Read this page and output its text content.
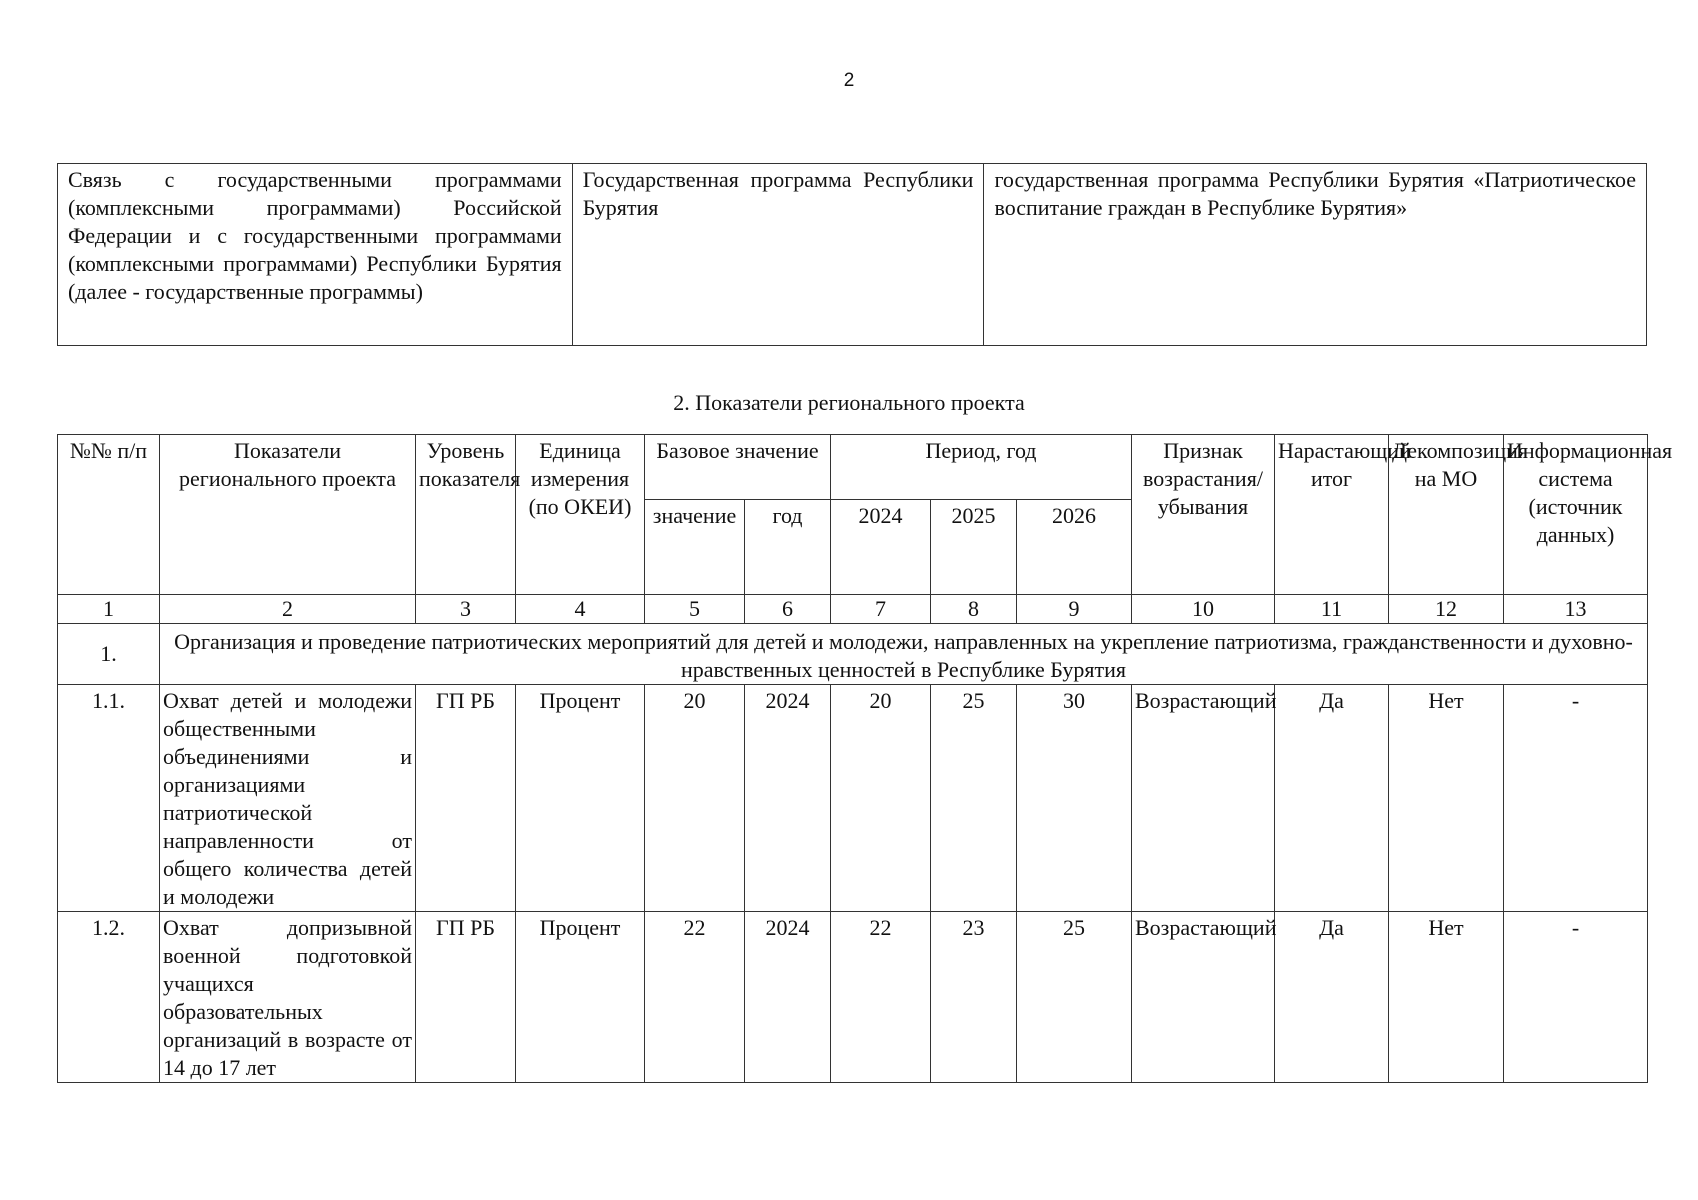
2
Связь с государственными программами (комплексными программами) Российской Федерации и с государственными программами (комплексными программами) Республики Бурятия (далее - государственные программы)	Государственная программа Республики Бурятия	государственная программа Республики Бурятия «Патриотическое воспитание граждан в Республике Бурятия»
2. Показатели регионального проекта
№№ п/п	Показатели регионального проекта	Уровень показателя	Единица измерения (по ОКЕИ)	Базовое значение		Период, год			Признак возрастания/ убывания	Нарастающий итог	Декомпозиция на МО	Информационная система (источник данных)
				значение	год	2024	2025	2026				
1	2	3	4	5	6	7	8	9	10	11	12	13
1.	Организация и проведение патриотических мероприятий для детей и молодежи, направленных на укрепление патриотизма, гражданственности и духовно-нравственных ценностей в Республике Бурятия											
1.1.	Охват детей и молодежи общественными объединениями и организациями патриотической направленности от общего количества детей и молодежи	ГП РБ	Процент	20	2024	20	25	30	Возрастающий	Да	Нет	-
1.2.	Охват допризывной военной подготовкой учащихся образовательных организаций в возрасте от 14 до 17 лет	ГП РБ	Процент	22	2024	22	23	25	Возрастающий	Да	Нет	-
